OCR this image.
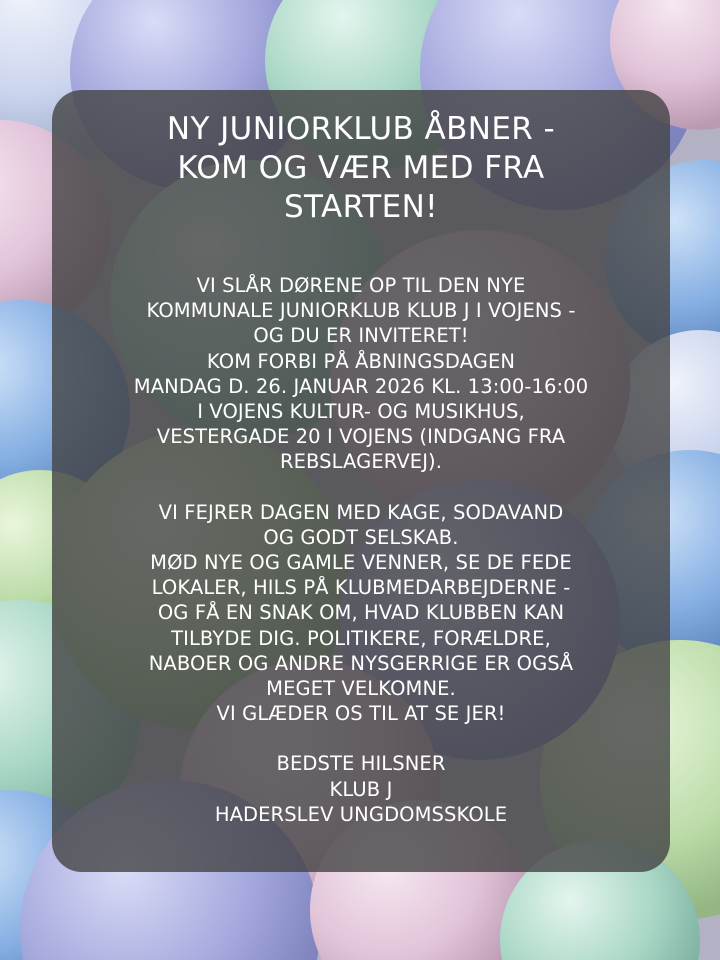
NY JUNIORKLUB ÅBNER -
KOM OG VÆR MED FRA
STARTEN!
VI SLÅR DØRENE OP TIL DEN NYE
KOMMUNALE JUNIORKLUB KLUB J I VOJENS -
OG DU ER INVITERET!
KOM FORBI PÅ ÅBNINGSDAGEN
MANDAG D. 26. JANUAR 2026 KL. 13:00-16:00
I VOJENS KULTUR- OG MUSIKHUS,
VESTERGADE 20 I VOJENS (INDGANG FRA
REBSLAGERVEJ).
VI FEJRER DAGEN MED KAGE, SODAVAND
OG GODT SELSKAB.
MØD NYE OG GAMLE VENNER, SE DE FEDE
LOKALER, HILS PÅ KLUBMEDARBEJDERNE -
OG FÅ EN SNAK OM, HVAD KLUBBEN KAN
TILBYDE DIG. POLITIKERE, FORÆLDRE,
NABOER OG ANDRE NYSGERRIGE ER OGSÅ
MEGET VELKOMNE.
VI GLÆDER OS TIL AT SE JER!
BEDSTE HILSNER
KLUB J
HADERSLEV UNGDOMSSKOLE
